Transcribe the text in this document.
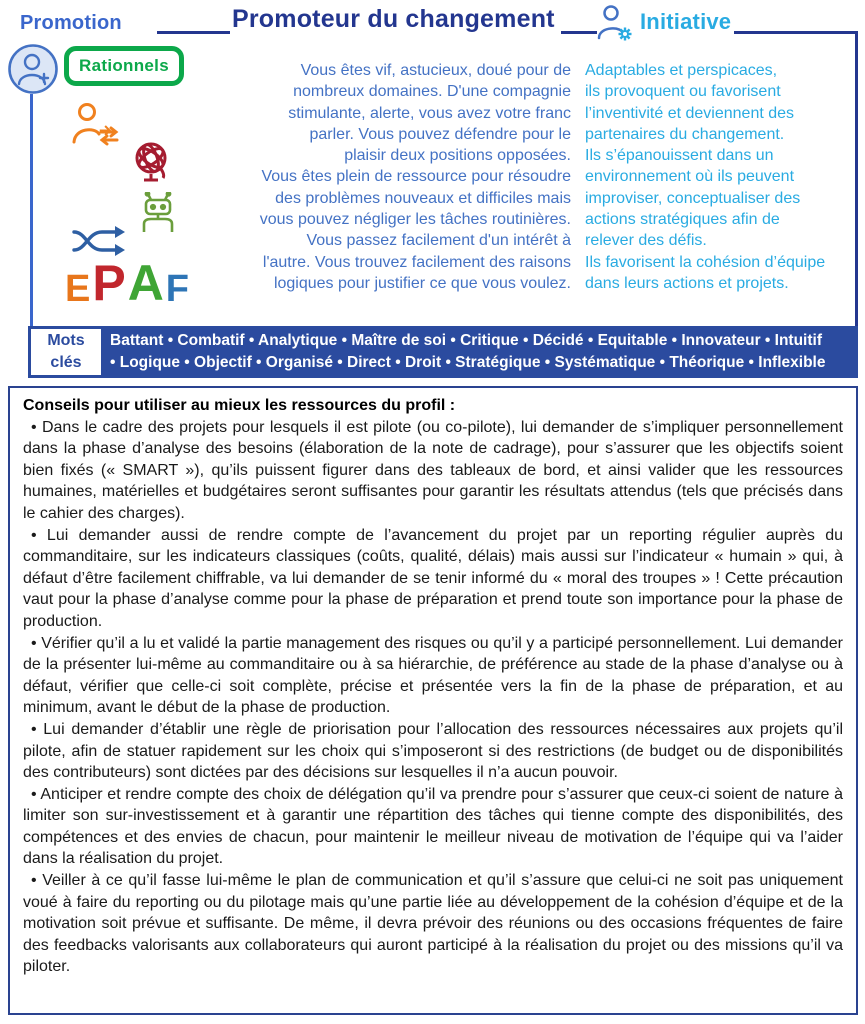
Promotion	Promoteur du changement	Initiative
Rationnels
E P A F
Vous êtes vif, astucieux, doué pour de
nombreux domaines. D'une compagnie
stimulante, alerte, vous avez votre franc
parler. Vous pouvez défendre pour le
plaisir deux positions opposées.
Vous êtes plein de ressource pour résoudre
des problèmes nouveaux et difficiles mais
vous pouvez négliger les tâches routinières.
Vous passez facilement d'un intérêt à
l'autre. Vous trouvez facilement des raisons
logiques pour justifier ce que vous voulez.
Adaptables et perspicaces,
ils provoquent ou favorisent
l’inventivité et deviennent des
partenaires du changement.
Ils s’épanouissent dans un
environnement où ils peuvent
improviser, conceptualiser des
actions stratégiques afin de
relever des défis.
Ils favorisent la cohésion d’équipe
dans leurs actions et projets.
Mots
clés
Battant • Combatif • Analytique • Maître de soi • Critique • Décidé • Equitable • Innovateur • Intuitif
• Logique • Objectif • Organisé • Direct • Droit • Stratégique • Systématique • Théorique • Inflexible
Conseils pour utiliser au mieux les ressources du profil :

• Dans le cadre des projets pour lesquels il est pilote (ou co-pilote), lui demander de s’impliquer personnellement dans la phase d’analyse des besoins (élaboration de la note de cadrage), pour s’assurer que les objectifs soient bien fixés (« SMART »), qu’ils puissent figurer dans des tableaux de bord, et ainsi valider que les ressources humaines, matérielles et budgétaires seront suffisantes pour garantir les résultats attendus (tels que précisés dans le cahier des charges).

• Lui demander aussi de rendre compte de l’avancement du projet par un reporting régulier auprès du commanditaire, sur les indicateurs classiques (coûts, qualité, délais) mais aussi sur l’indicateur « humain » qui, à défaut d’être facilement chiffrable, va lui demander de se tenir informé du « moral des troupes » ! Cette précaution vaut pour la phase d’analyse comme pour la phase de préparation et prend toute son importance pour la phase de production.

• Vérifier qu’il a lu et validé la partie management des risques ou qu’il y a participé personnellement. Lui demander de la présenter lui-même au commanditaire ou à sa hiérarchie, de préférence au stade de la phase d’analyse ou à défaut, vérifier que celle-ci soit complète, précise et présentée vers la fin de la phase de préparation, et au minimum, avant le début de la phase de production.

• Lui demander d’établir une règle de priorisation pour l’allocation des ressources nécessaires aux projets qu’il pilote, afin de statuer rapidement sur les choix qui s’imposeront si des restrictions (de budget ou de disponibilités des contributeurs) sont dictées par des décisions sur lesquelles il n’a aucun pouvoir.

• Anticiper et rendre compte des choix de délégation qu’il va prendre pour s’assurer que ceux-ci soient de nature à limiter son sur-investissement et à garantir une répartition des tâches qui tienne compte des disponibilités, des compétences et des envies de chacun, pour maintenir le meilleur niveau de motivation de l’équipe qui va l’aider dans la réalisation du projet.

• Veiller à ce qu’il fasse lui-même le plan de communication et qu’il s’assure que celui-ci ne soit pas uniquement voué à faire du reporting ou du pilotage mais qu’une partie liée au développement de la cohésion d’équipe et de la motivation soit prévue et suffisante. De même, il devra prévoir des réunions ou des occasions fréquentes de faire des feedbacks valorisants aux collaborateurs qui auront participé à la réalisation du projet ou des missions qu’il va piloter.
